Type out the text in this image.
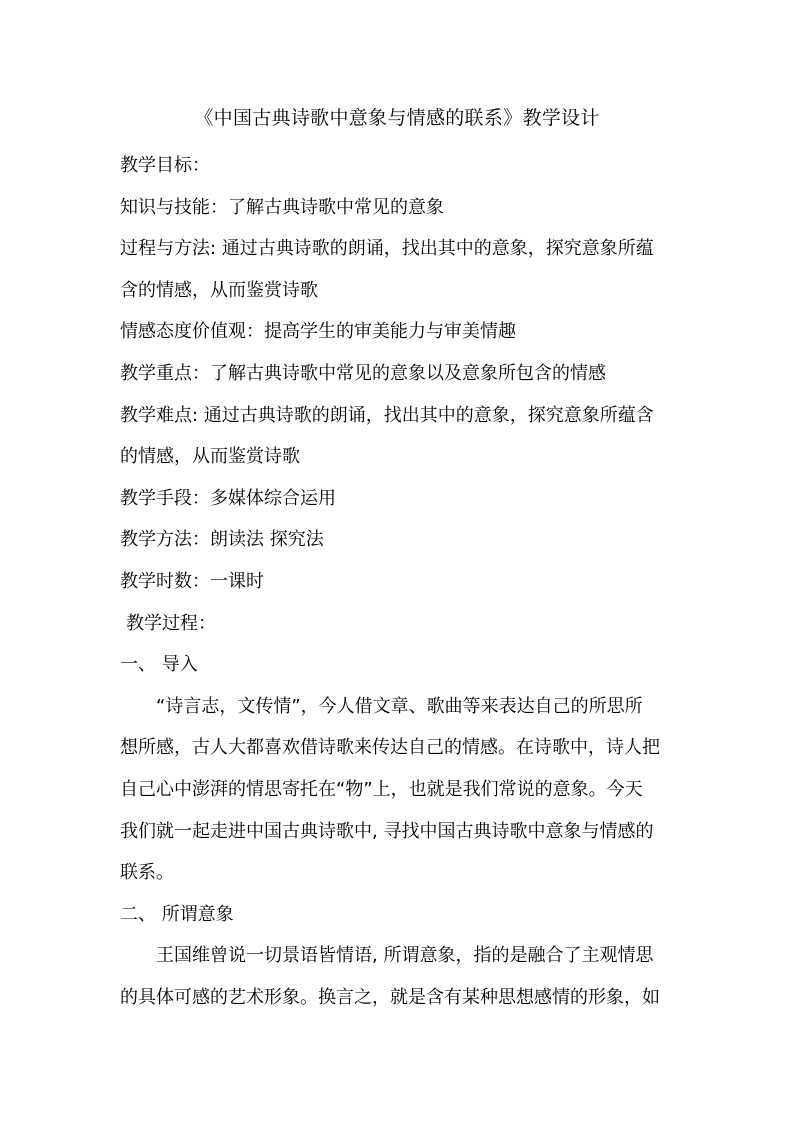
《中国古典诗歌中意象与情感的联系》教学设计
教学目标：
知识与技能：了解古典诗歌中常见的意象
过程与方法: 通过古典诗歌的朗诵，找出其中的意象，探究意象所蕴
含的情感，从而鉴赏诗歌
情感态度价值观：提高学生的审美能力与审美情趣
教学重点：了解古典诗歌中常见的意象以及意象所包含的情感
教学难点: 通过古典诗歌的朗诵，找出其中的意象，探究意象所蕴含
的情感，从而鉴赏诗歌
教学手段：多媒体综合运用
教学方法：朗读法 探究法
教学时数：一课时
教学过程：
一、 导入
“诗言志，文传情”，今人借文章、歌曲等来表达自己的所思所
想所感，古人大都喜欢借诗歌来传达自己的情感。在诗歌中，诗人把
自己心中澎湃的情思寄托在“物”上，也就是我们常说的意象。今天
我们就一起走进中国古典诗歌中, 寻找中国古典诗歌中意象与情感的
联系。
二、 所谓意象
王国维曾说一切景语皆情语, 所谓意象，指的是融合了主观情思
的具体可感的艺术形象。换言之，就是含有某种思想感情的形象，如
